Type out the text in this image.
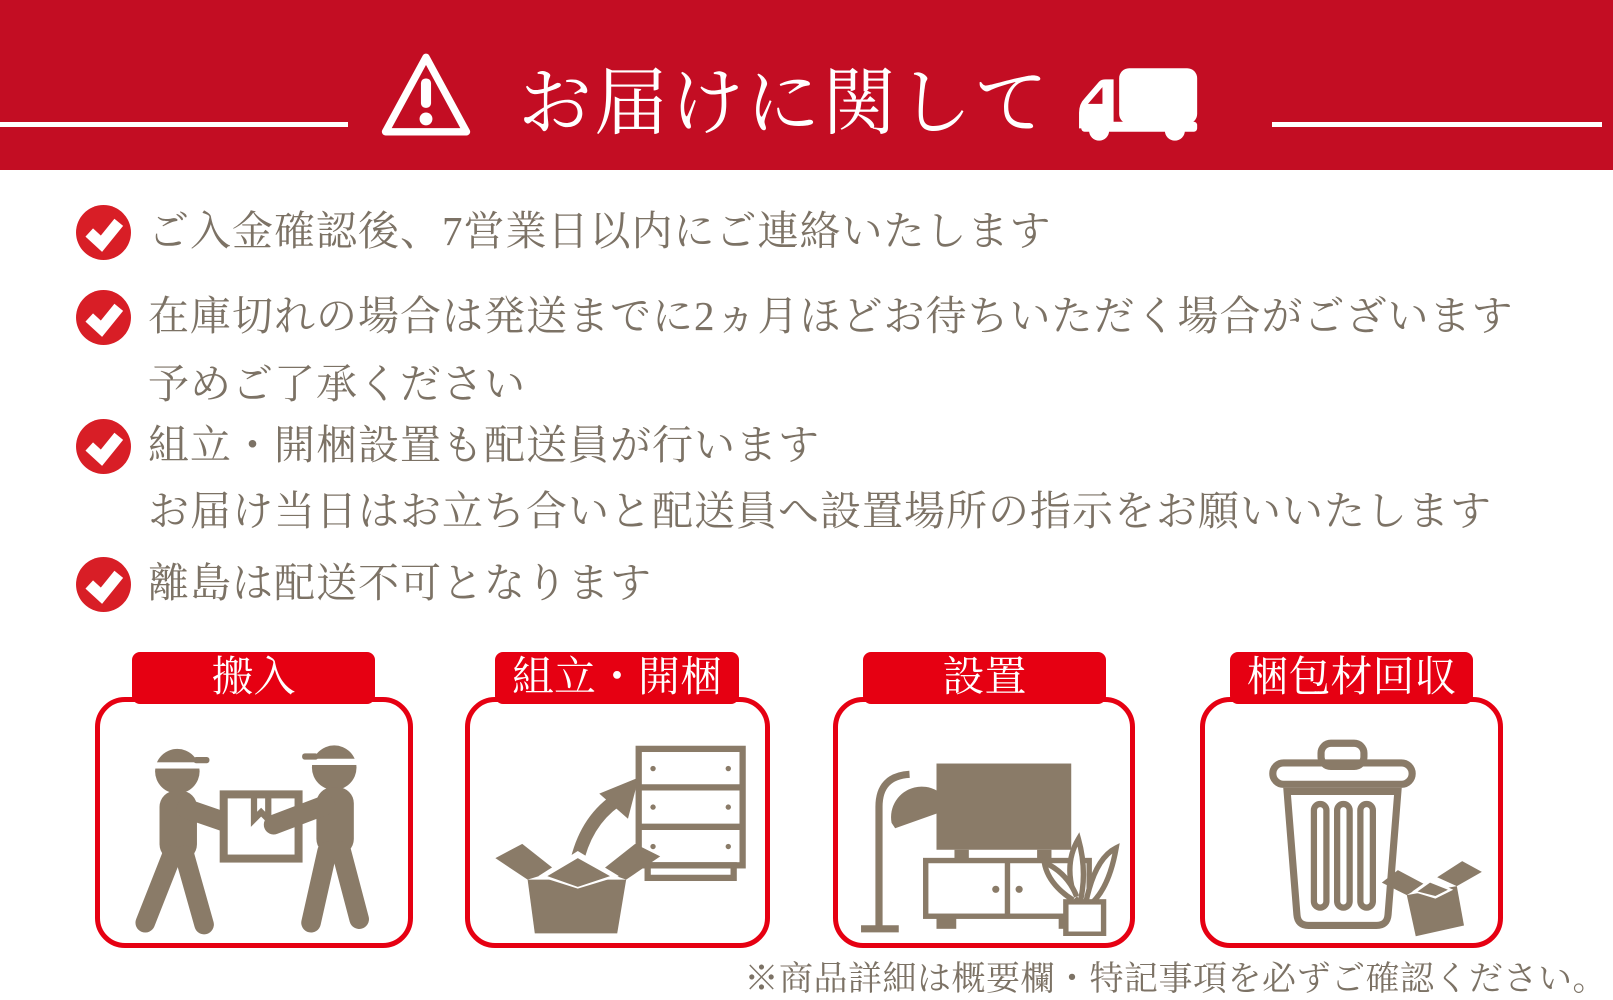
お届けに関して
ご入金確認後、7営業日以内にご連絡いたします
在庫切れの場合は発送までに2ヵ月ほどお待ちいただく場合がございます
予めご了承ください
組立・開梱設置も配送員が行います
お届け当日はお立ち合いと配送員へ設置場所の指示をお願いいたします
離島は配送不可となります
搬入	組立・開梱	設置	梱包材回収
※商品詳細は概要欄・特記事項を必ずご確認ください。
